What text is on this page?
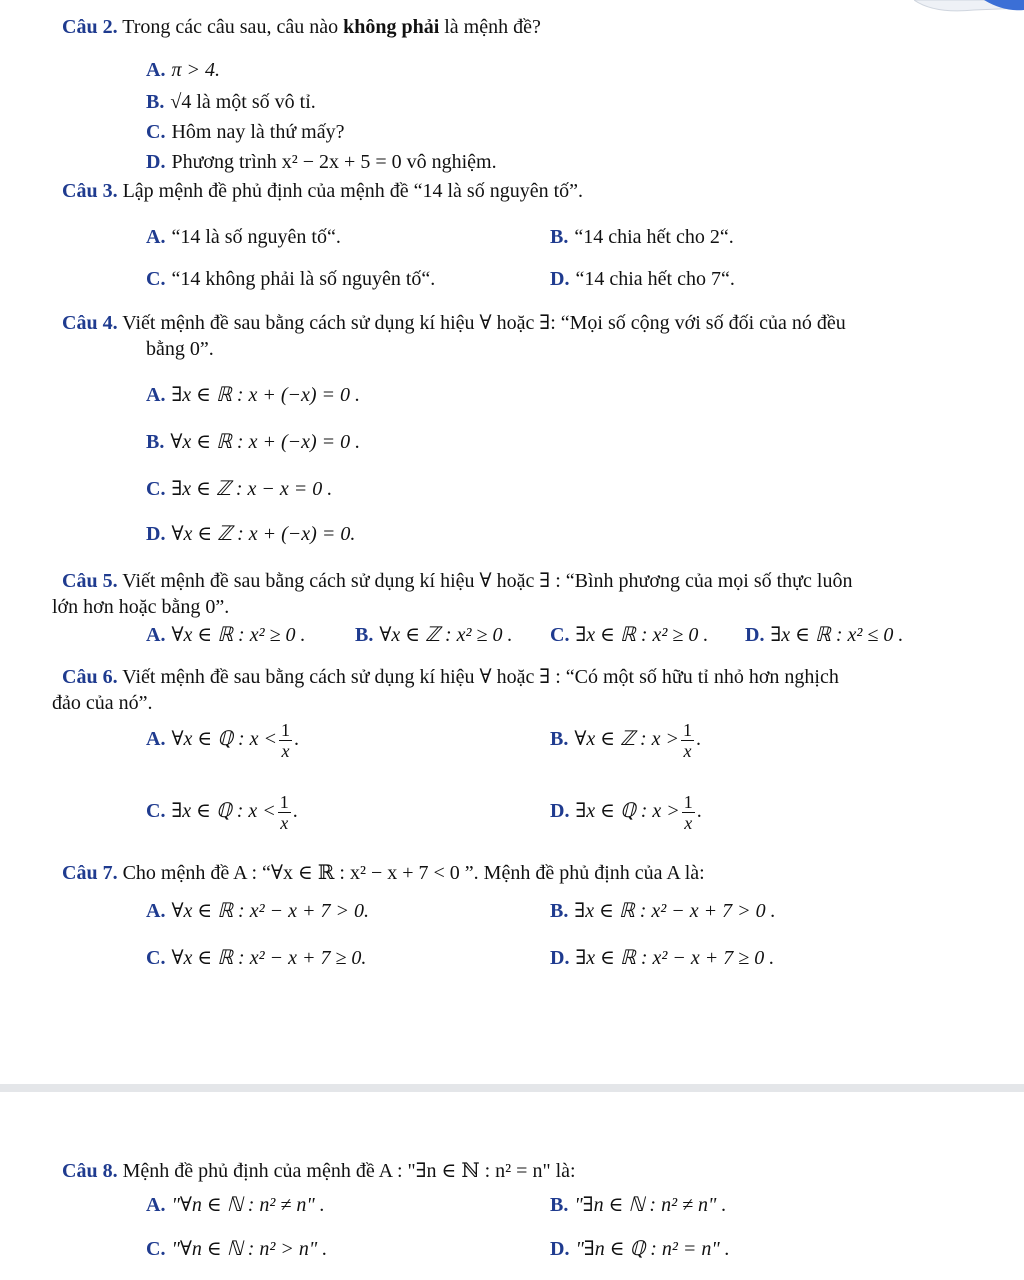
Câu 2. Trong các câu sau, câu nào không phải là mệnh đề?
A. π > 4.
B. √4 là một số vô tỉ.
C. Hôm nay là thứ mấy?
D. Phương trình x² − 2x + 5 = 0 vô nghiệm.
Câu 3. Lập mệnh đề phủ định của mệnh đề “14 là số nguyên tố”.
A. “14 là số nguyên tố“.	B. “14 chia hết cho 2“.
C. “14 không phải là số nguyên tố“.	D. “14 chia hết cho 7“.
Câu 4. Viết mệnh đề sau bằng cách sử dụng kí hiệu ∀ hoặc ∃: “Mọi số cộng với số đối của nó đều
bằng 0”.
A. ∃x ∈ ℝ : x + (−x) = 0 .
B. ∀x ∈ ℝ : x + (−x) = 0 .
C. ∃x ∈ ℤ : x − x = 0 .
D. ∀x ∈ ℤ : x + (−x) = 0.
Câu 5. Viết mệnh đề sau bằng cách sử dụng kí hiệu ∀ hoặc ∃ : “Bình phương của mọi số thực luôn
lớn hơn hoặc bằng 0”.
A. ∀x ∈ ℝ : x² ≥ 0 . B. ∀x ∈ ℤ : x² ≥ 0 . C. ∃x ∈ ℝ : x² ≥ 0 . D. ∃x ∈ ℝ : x² ≤ 0 .
Câu 6. Viết mệnh đề sau bằng cách sử dụng kí hiệu ∀ hoặc ∃ : “Có một số hữu tỉ nhỏ hơn nghịch
đảo của nó”.
A. ∀x ∈ ℚ : $x < \frac{1}{x}$ .	B. ∀x ∈ ℤ : $x > \frac{1}{x}$ .
C. ∃x ∈ ℚ : $x < \frac{1}{x}$ .	D. ∃x ∈ ℚ : $x > \frac{1}{x}$ .
Câu 7. Cho mệnh đề A : “∀x ∈ ℝ : x² − x + 7 < 0 ”. Mệnh đề phủ định của A là:
A. ∀x ∈ ℝ : x² − x + 7 > 0.	B. ∃x ∈ ℝ : x² − x + 7 > 0 .
C. ∀x ∈ ℝ : x² − x + 7 ≥ 0.	D. ∃x ∈ ℝ : x² − x + 7 ≥ 0 .
Câu 8. Mệnh đề phủ định của mệnh đề A : "∃n ∈ ℕ : n² = n" là:
A. "∀n ∈ ℕ : n² ≠ n" .	B. "∃n ∈ ℕ : n² ≠ n" .
C. "∀n ∈ ℕ : n² > n" .	D. "∃n ∈ ℚ : n² = n" .
